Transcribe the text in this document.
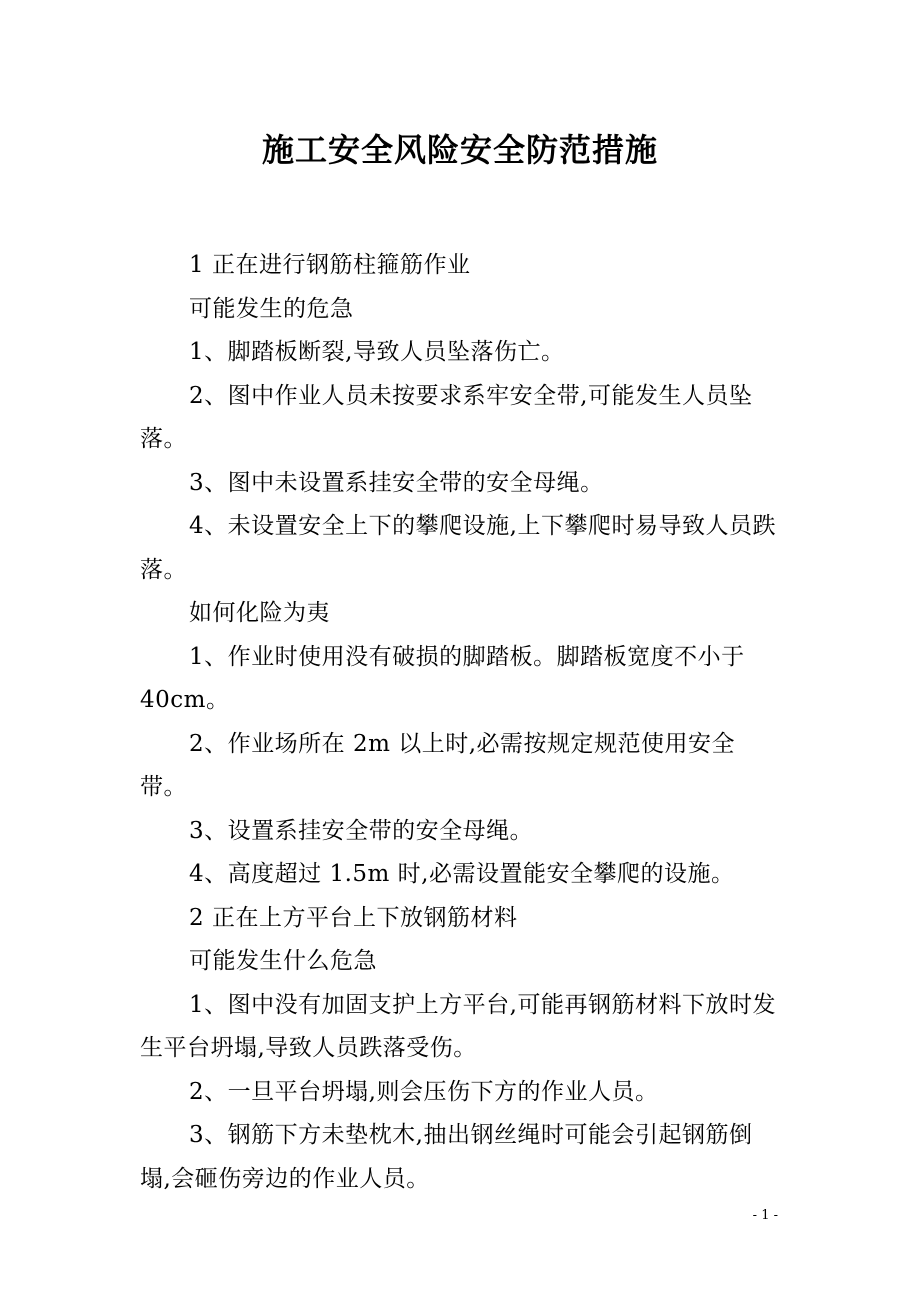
施工安全风险安全防范措施

1 正在进行钢筋柱箍筋作业

可能发生的危急

1、脚踏板断裂,导致人员坠落伤亡。

2、图中作业人员未按要求系牢安全带,可能发生人员坠落。

3、图中未设置系挂安全带的安全母绳。

4、未设置安全上下的攀爬设施,上下攀爬时易导致人员跌落。

如何化险为夷

1、作业时使用没有破损的脚踏板。脚踏板宽度不小于40cm。

2、作业场所在 2m 以上时,必需按规定规范使用安全带。

3、设置系挂安全带的安全母绳。

4、高度超过 1.5m 时,必需设置能安全攀爬的设施。

2 正在上方平台上下放钢筋材料

可能发生什么危急

1、图中没有加固支护上方平台,可能再钢筋材料下放时发生平台坍塌,导致人员跌落受伤。

2、一旦平台坍塌,则会压伤下方的作业人员。

3、钢筋下方未垫枕木,抽出钢丝绳时可能会引起钢筋倒塌,会砸伤旁边的作业人员。

- 1 -
